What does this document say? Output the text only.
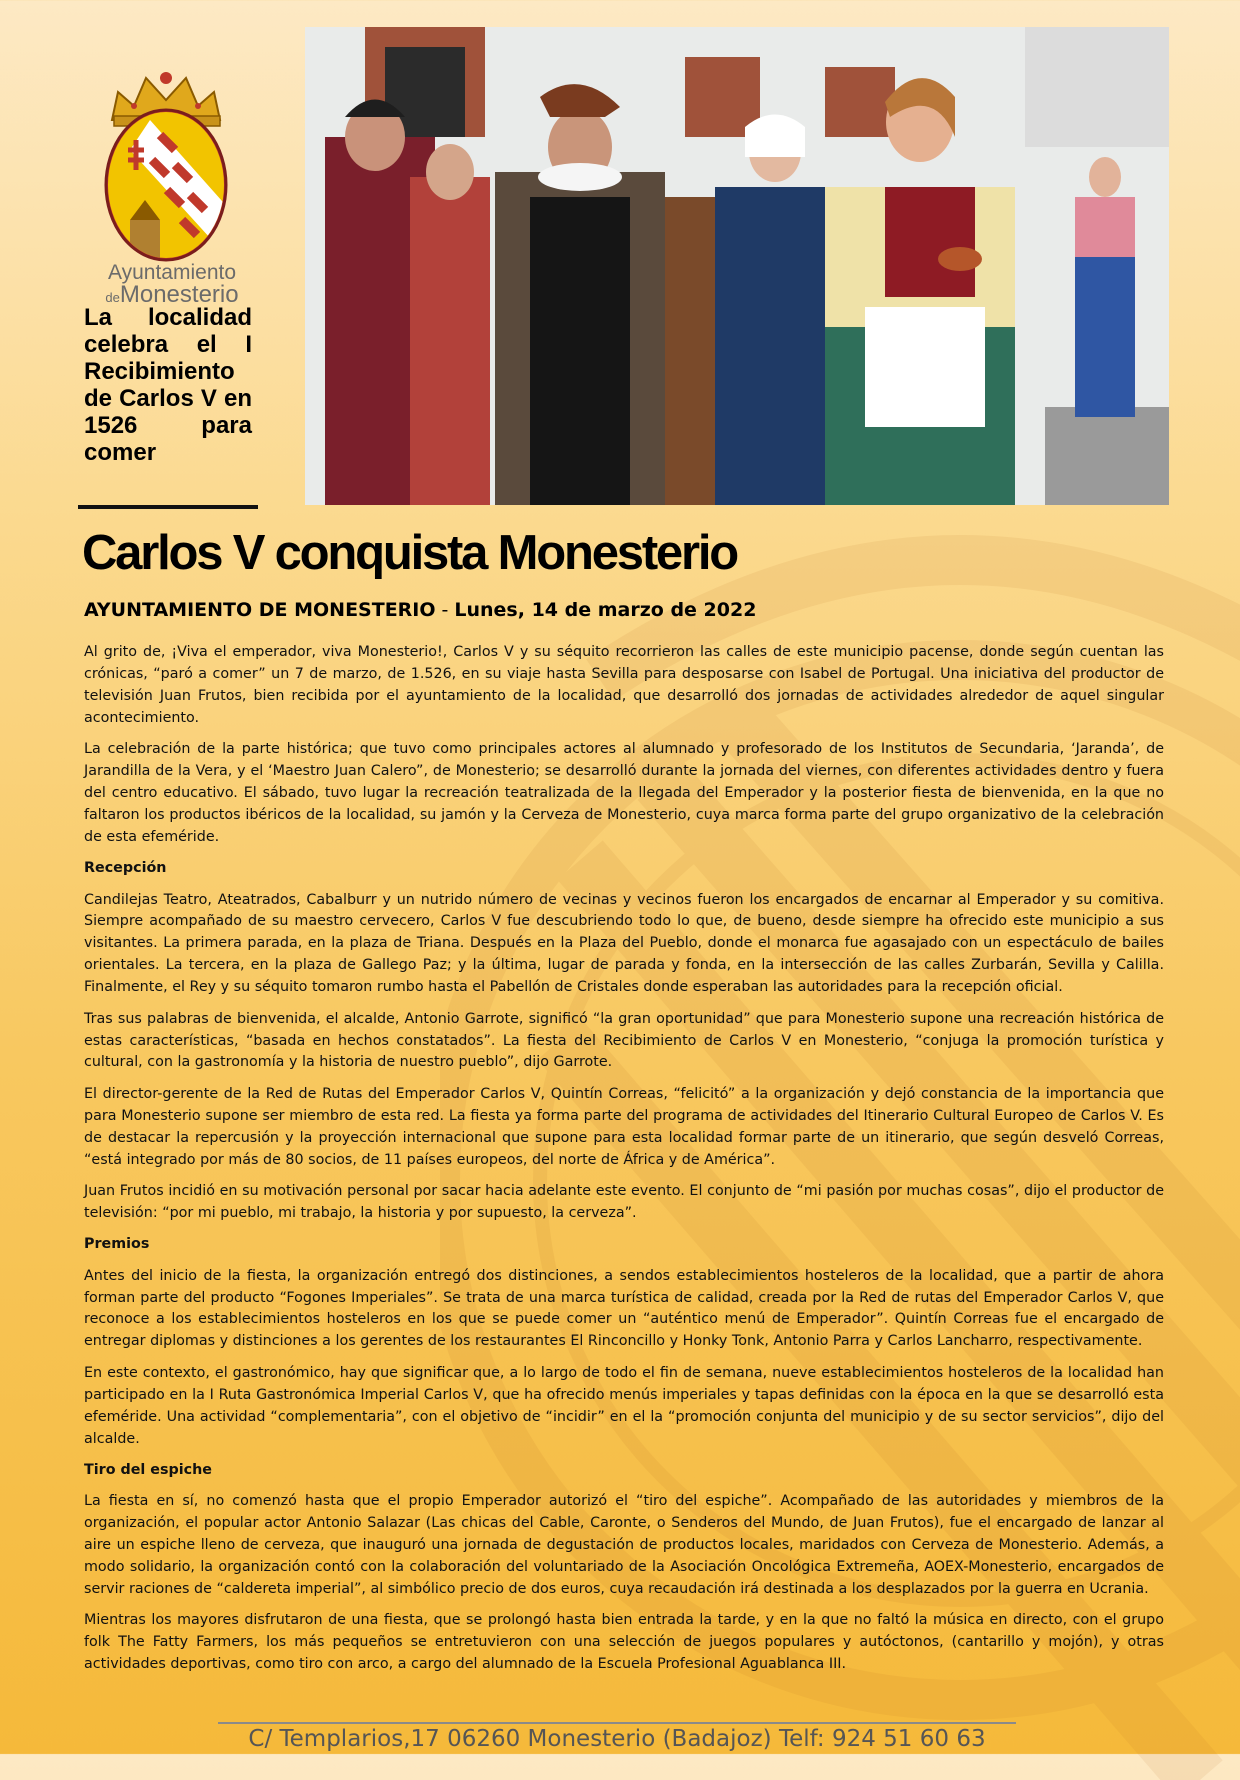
Ayuntamiento
deMonesterio

La localidad celebra el I Recibimiento de Carlos V en 1526 para comer

Carlos V conquista Monesterio

AYUNTAMIENTO DE MONESTERIO - Lunes, 14 de marzo de 2022

Al grito de, ¡Viva el emperador, viva Monesterio!, Carlos V y su séquito recorrieron las calles de este municipio pacense, donde según cuentan las crónicas, “paró a comer” un 7 de marzo, de 1.526, en su viaje hasta Sevilla para desposarse con Isabel de Portugal. Una iniciativa del productor de televisión Juan Frutos, bien recibida por el ayuntamiento de la localidad, que desarrolló dos jornadas de actividades alrededor de aquel singular acontecimiento.

La celebración de la parte histórica; que tuvo como principales actores al alumnado y profesorado de los Institutos de Secundaria, ‘Jaranda’, de Jarandilla de la Vera, y el ‘Maestro Juan Calero”, de Monesterio; se desarrolló durante la jornada del viernes, con diferentes actividades dentro y fuera del centro educativo. El sábado, tuvo lugar la recreación teatralizada de la llegada del Emperador y la posterior fiesta de bienvenida, en la que no faltaron los productos ibéricos de la localidad, su jamón y la Cerveza de Monesterio, cuya marca forma parte del grupo organizativo de la celebración de esta efeméride.

Recepción

Candilejas Teatro, Ateatrados, Cabalburr y un nutrido número de vecinas y vecinos fueron los encargados de encarnar al Emperador y su comitiva. Siempre acompañado de su maestro cervecero, Carlos V fue descubriendo todo lo que, de bueno, desde siempre ha ofrecido este municipio a sus visitantes. La primera parada, en la plaza de Triana. Después en la Plaza del Pueblo, donde el monarca fue agasajado con un espectáculo de bailes orientales. La tercera, en la plaza de Gallego Paz; y la última, lugar de parada y fonda, en la intersección de las calles Zurbarán, Sevilla y Calilla. Finalmente, el Rey y su séquito tomaron rumbo hasta el Pabellón de Cristales donde esperaban las autoridades para la recepción oficial.

Tras sus palabras de bienvenida, el alcalde, Antonio Garrote, significó “la gran oportunidad” que para Monesterio supone una recreación histórica de estas características, “basada en hechos constatados”. La fiesta del Recibimiento de Carlos V en Monesterio, “conjuga la promoción turística y cultural, con la gastronomía y la historia de nuestro pueblo”, dijo Garrote.

El director-gerente de la Red de Rutas del Emperador Carlos V, Quintín Correas, “felicitó” a la organización y dejó constancia de la importancia que para Monesterio supone ser miembro de esta red. La fiesta ya forma parte del programa de actividades del Itinerario Cultural Europeo de Carlos V. Es de destacar la repercusión y la proyección internacional que supone para esta localidad formar parte de un itinerario, que según desveló Correas, “está integrado por más de 80 socios, de 11 países europeos, del norte de África y de América”.

Juan Frutos incidió en su motivación personal por sacar hacia adelante este evento. El conjunto de “mi pasión por muchas cosas”, dijo el productor de televisión: “por mi pueblo, mi trabajo, la historia y por supuesto, la cerveza”.

Premios

Antes del inicio de la fiesta, la organización entregó dos distinciones, a sendos establecimientos hosteleros de la localidad, que a partir de ahora forman parte del producto “Fogones Imperiales”. Se trata de una marca turística de calidad, creada por la Red de rutas del Emperador Carlos V, que reconoce a los establecimientos hosteleros en los que se puede comer un “auténtico menú de Emperador”. Quintín Correas fue el encargado de entregar diplomas y distinciones a los gerentes de los restaurantes El Rinconcillo y Honky Tonk, Antonio Parra y Carlos Lancharro, respectivamente.

En este contexto, el gastronómico, hay que significar que, a lo largo de todo el fin de semana, nueve establecimientos hosteleros de la localidad han participado en la I Ruta Gastronómica Imperial Carlos V, que ha ofrecido menús imperiales y tapas definidas con la época en la que se desarrolló esta efeméride. Una actividad “complementaria”, con el objetivo de “incidir” en el la “promoción conjunta del municipio y de su sector servicios”, dijo del alcalde.

Tiro del espiche

La fiesta en sí, no comenzó hasta que el propio Emperador autorizó el “tiro del espiche”. Acompañado de las autoridades y miembros de la organización, el popular actor Antonio Salazar (Las chicas del Cable, Caronte, o Senderos del Mundo, de Juan Frutos), fue el encargado de lanzar al aire un espiche lleno de cerveza, que inauguró una jornada de degustación de productos locales, maridados con Cerveza de Monesterio. Además, a modo solidario, la organización contó con la colaboración del voluntariado de la Asociación Oncológica Extremeña, AOEX-Monesterio, encargados de servir raciones de “caldereta imperial”, al simbólico precio de dos euros, cuya recaudación irá destinada a los desplazados por la guerra en Ucrania.

Mientras los mayores disfrutaron de una fiesta, que se prolongó hasta bien entrada la tarde, y en la que no faltó la música en directo, con el grupo folk The Fatty Farmers, los más pequeños se entretuvieron con una selección de juegos populares y autóctonos, (cantarillo y mojón), y otras actividades deportivas, como tiro con arco, a cargo del alumnado de la Escuela Profesional Aguablanca III.

C/ Templarios,17 06260 Monesterio (Badajoz) Telf: 924 51 60 63
